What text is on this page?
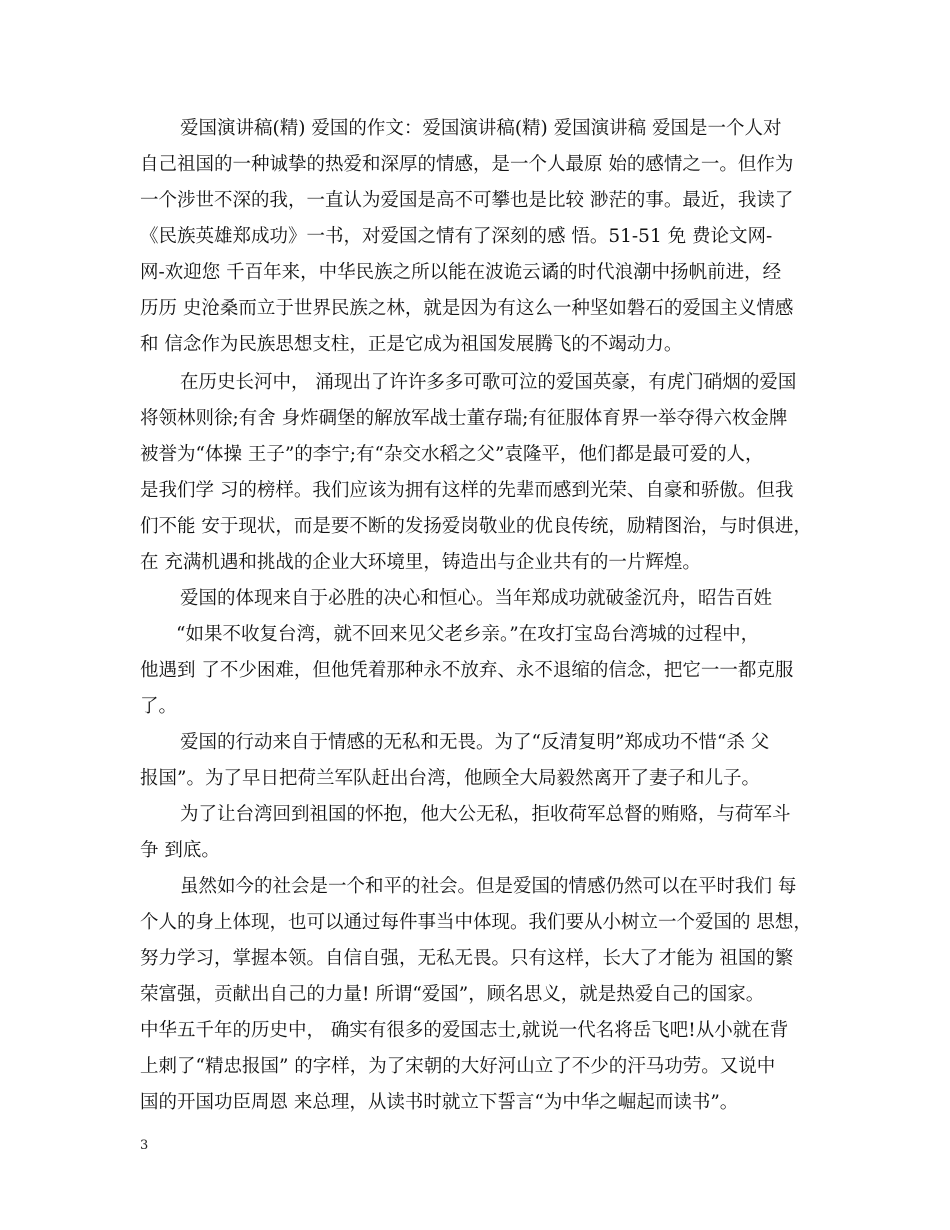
爱国演讲稿(精) 爱国的作文：爱国演讲稿(精) 爱国演讲稿 爱国是一个人对
自己祖国的一种诚挚的热爱和深厚的情感，是一个人最原 始的感情之一。但作为
一个涉世不深的我，一直认为爱国是高不可攀也是比较 渺茫的事。最近，我读了
《民族英雄郑成功》一书，对爱国之情有了深刻的感 悟。51-51 免 费论文网-
网-欢迎您 千百年来，中华民族之所以能在波诡云谲的时代浪潮中扬帆前进，经
历历 史沧桑而立于世界民族之林，就是因为有这么一种坚如磐石的爱国主义情感
和 信念作为民族思想支柱，正是它成为祖国发展腾飞的不竭动力。
在历史长河中， 涌现出了许许多多可歌可泣的爱国英豪，有虎门硝烟的爱国
将领林则徐;有舍 身炸碉堡的解放军战士董存瑞;有征服体育界一举夺得六枚金牌
被誉为“体操 王子”的李宁;有“杂交水稻之父”袁隆平，他们都是最可爱的人，
是我们学 习的榜样。我们应该为拥有这样的先辈而感到光荣、自豪和骄傲。但我
们不能 安于现状，而是要不断的发扬爱岗敬业的优良传统，励精图治，与时俱进，
在 充满机遇和挑战的企业大环境里，铸造出与企业共有的一片辉煌。
爱国的体现来自于必胜的决心和恒心。当年郑成功就破釜沉舟，昭告百姓
“如果不收复台湾，就不回来见父老乡亲。”在攻打宝岛台湾城的过程中，
他遇到 了不少困难，但他凭着那种永不放弃、永不退缩的信念，把它一一都克服
了。
爱国的行动来自于情感的无私和无畏。为了“反清复明”郑成功不惜“杀 父
报国”。为了早日把荷兰军队赶出台湾，他顾全大局毅然离开了妻子和儿子。
为了让台湾回到祖国的怀抱，他大公无私，拒收荷军总督的贿赂，与荷军斗
争 到底。
虽然如今的社会是一个和平的社会。但是爱国的情感仍然可以在平时我们 每
个人的身上体现，也可以通过每件事当中体现。我们要从小树立一个爱国的 思想，
努力学习，掌握本领。自信自强，无私无畏。只有这样，长大了才能为 祖国的繁
荣富强，贡献出自己的力量! 所谓“爱国”，顾名思义，就是热爱自己的国家。
中华五千年的历史中， 确实有很多的爱国志士,就说一代名将岳飞吧!从小就在背
上刺了“精忠报国” 的字样，为了宋朝的大好河山立了不少的汗马功劳。又说中
国的开国功臣周恩 来总理，从读书时就立下誓言“为中华之崛起而读书”。
3
